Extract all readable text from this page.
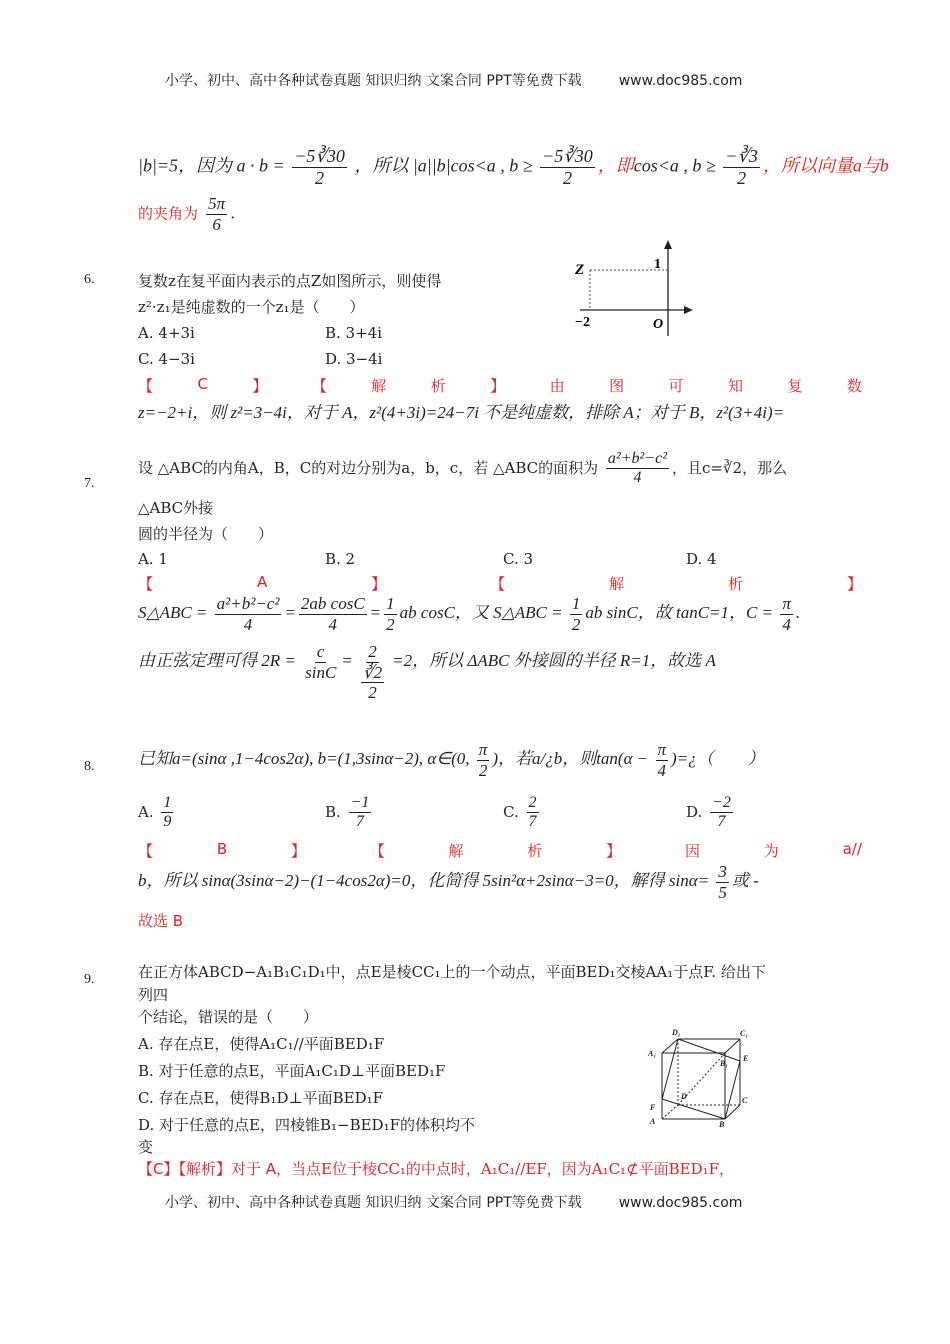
小学、初中、高中各种试卷真题 知识归纳 文案合同 PPT等免费下载	www.doc985.com
|b|=5，因为 $a \cdot b = \frac{-5∛30}{2}$ ，所以 |a||b|cos<a , $b \ge \frac{-5∛30}{2}$ ，即cos<a , $b \ge \frac{-∛3}{2}$ ，所以向量a与b
的夹角为 $\frac{5\pi}{6}$ .
6.	复数z在复平面内表示的点Z如图所示，则使得
z²·z₁是纯虚数的一个z₁是（　　）
A. 4+3i	B. 3+4i
C. 4−3i	D. 3−4i
Z	1
−2	O
【	C	】	【	解	析	】	由	图	可	知	复	数
z=−2+i，则 z²=3−4i，对于 A，z²(4+3i)=24−7i 不是纯虚数，排除 A；对于 B，z²(3+4i)=
7.
设 △ABC的内角A，B，C的对边分别为a，b，c，若 △ABC的面积为 $\frac{\text{a²+b²−c²}}{4}$ ，且c=∛2，那么
△ABC外接
圆的半径为（　　）
A. 1	B. 2	C. 3	D. 4
【	A	】	【	解	析	】
S△ABC = $\frac{\text{a²+b²−c²}}{4} = \frac{\text{2ab cosC}}{4} = \frac{1}{2}$ ab cosC，又 S△ABC = $\frac{1}{2}$ ab sinC，故 tanC=1，$C = \frac{\pi}{4}$ .
由正弦定理可得 $2R = \frac{c}{\sin C} = \frac{2}{\frac{∛2}{2}} =2$，所以 ΔABC 外接圆的半径 R=1，故选 A
8.	已知a=(sinα ,1−4cos2α), b=(1,3sinα−2), α∈(0, $\frac{\pi}{2}$ )，若a/¿b，则$\tan(\alpha - \frac{\pi}{4}$ )=¿（　　）
A. $\frac{1}{9}$	B. $\frac{-1}{7}$	C. $\frac{2}{7}$	D. $\frac{-2}{7}$
【	B	】	【	解	析	】	因	为	a//
b，所以 sinα(3sinα−2)−(1−4cos2α)=0，化简得 5sin²α+2sinα−3=0，解得 $\sin\alpha= \frac{3}{5}$ 或 -
故选 B
9.	在正方体ABCD−A₁B₁C₁D₁中，点E是棱CC₁上的一个动点，平面BED₁交棱AA₁于点F. 给出下
列四
个结论，错误的是（　　）
A. 存在点E，使得A₁C₁//平面BED₁F
B. 对于任意的点E，平面A₁C₁D⊥平面BED₁F
C. 存在点E，使得B₁D⊥平面BED₁F
D. 对于任意的点E，四棱锥B₁−BED₁F的体积均不
变
D₁	C₁
A₁
B₁
E
D	C
F
A	B
【C】【解析】对于 A，当点E位于棱CC₁的中点时，A₁C₁//EF，因为A₁C₁⊄平面BED₁F，
小学、初中、高中各种试卷真题 知识归纳 文案合同 PPT等免费下载	www.doc985.com
